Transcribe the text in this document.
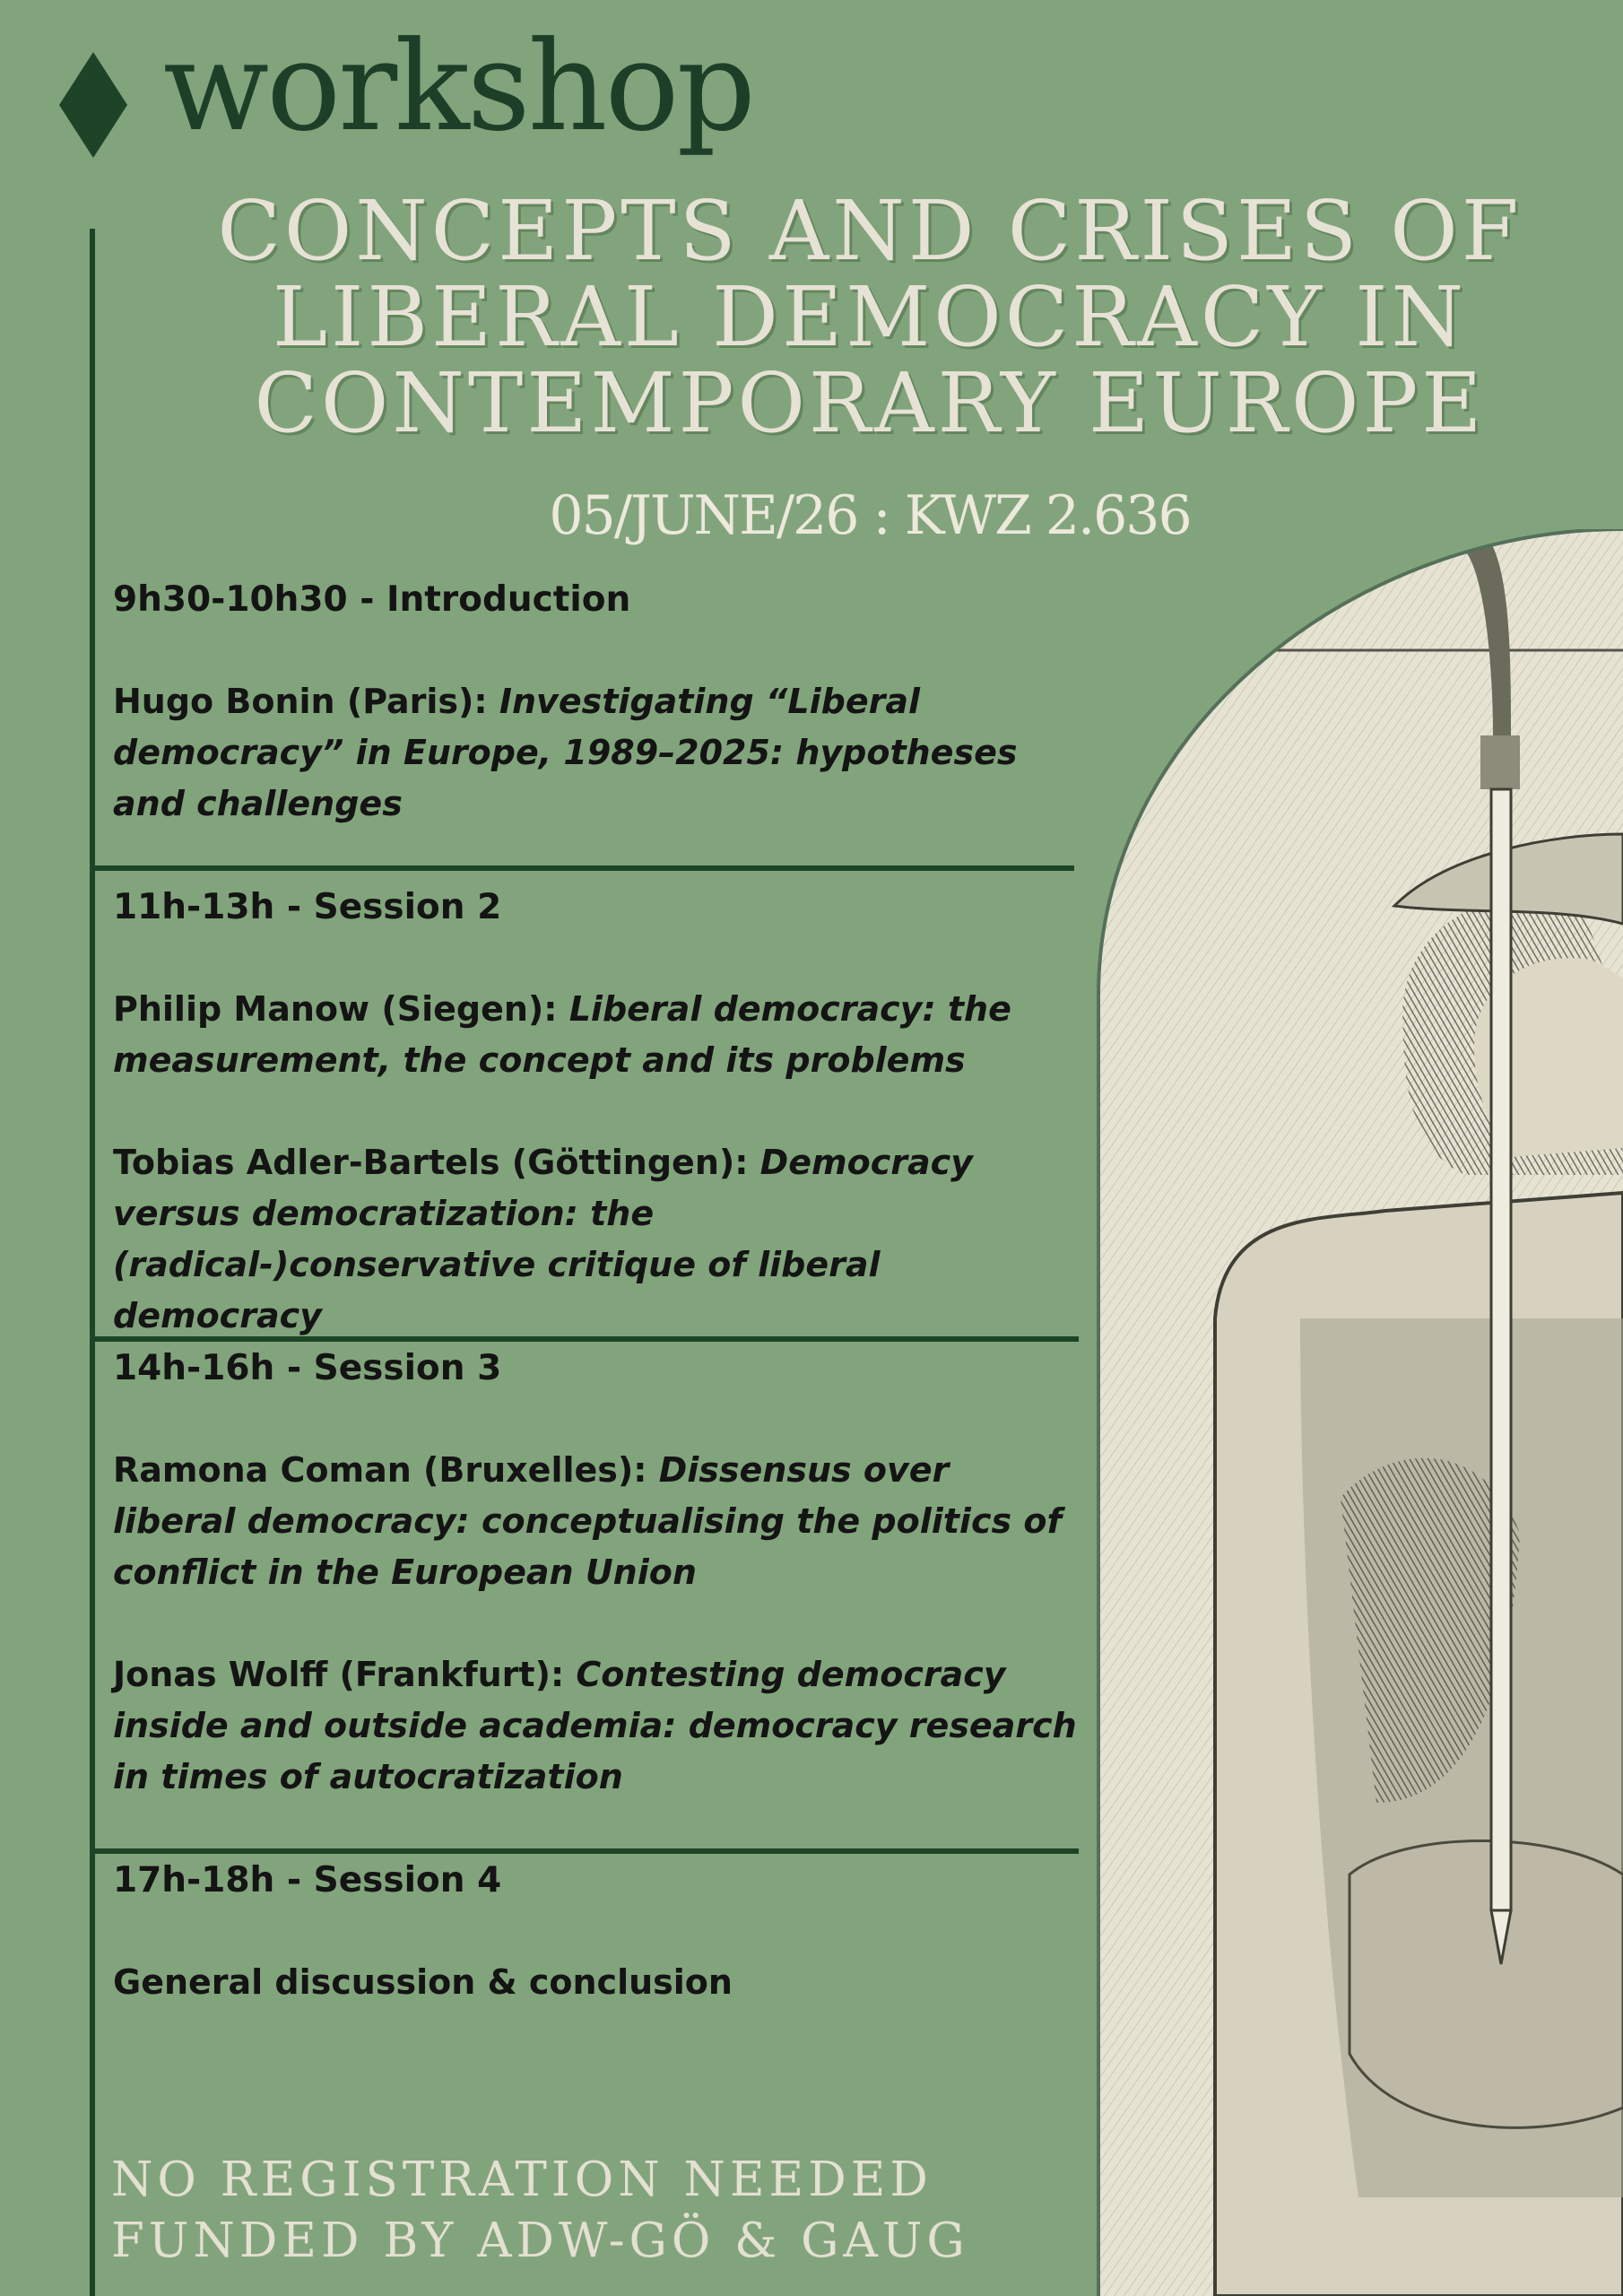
workshop
CONCEPTS AND CRISES OF
LIBERAL DEMOCRACY IN
CONTEMPORARY EUROPE
05/JUNE/26 : KWZ 2.636
9h30-10h30 - Introduction
Hugo Bonin (Paris): Investigating “Liberal democracy” in Europe, 1989–2025: hypotheses and challenges
11h-13h - Session 2
Philip Manow (Siegen): Liberal democracy: the measurement, the concept and its problems
Tobias Adler-Bartels (Göttingen): Democracy versus democratization: the (radical-)conservative critique of liberal democracy
14h-16h - Session 3
Ramona Coman (Bruxelles): Dissensus over liberal democracy: conceptualising the politics of conflict in the European Union
Jonas Wolff (Frankfurt): Contesting democracy inside and outside academia: democracy research in times of autocratization
17h-18h - Session 4
General discussion & conclusion
NO REGISTRATION NEEDED
FUNDED BY ADW-GÖ & GAUG
